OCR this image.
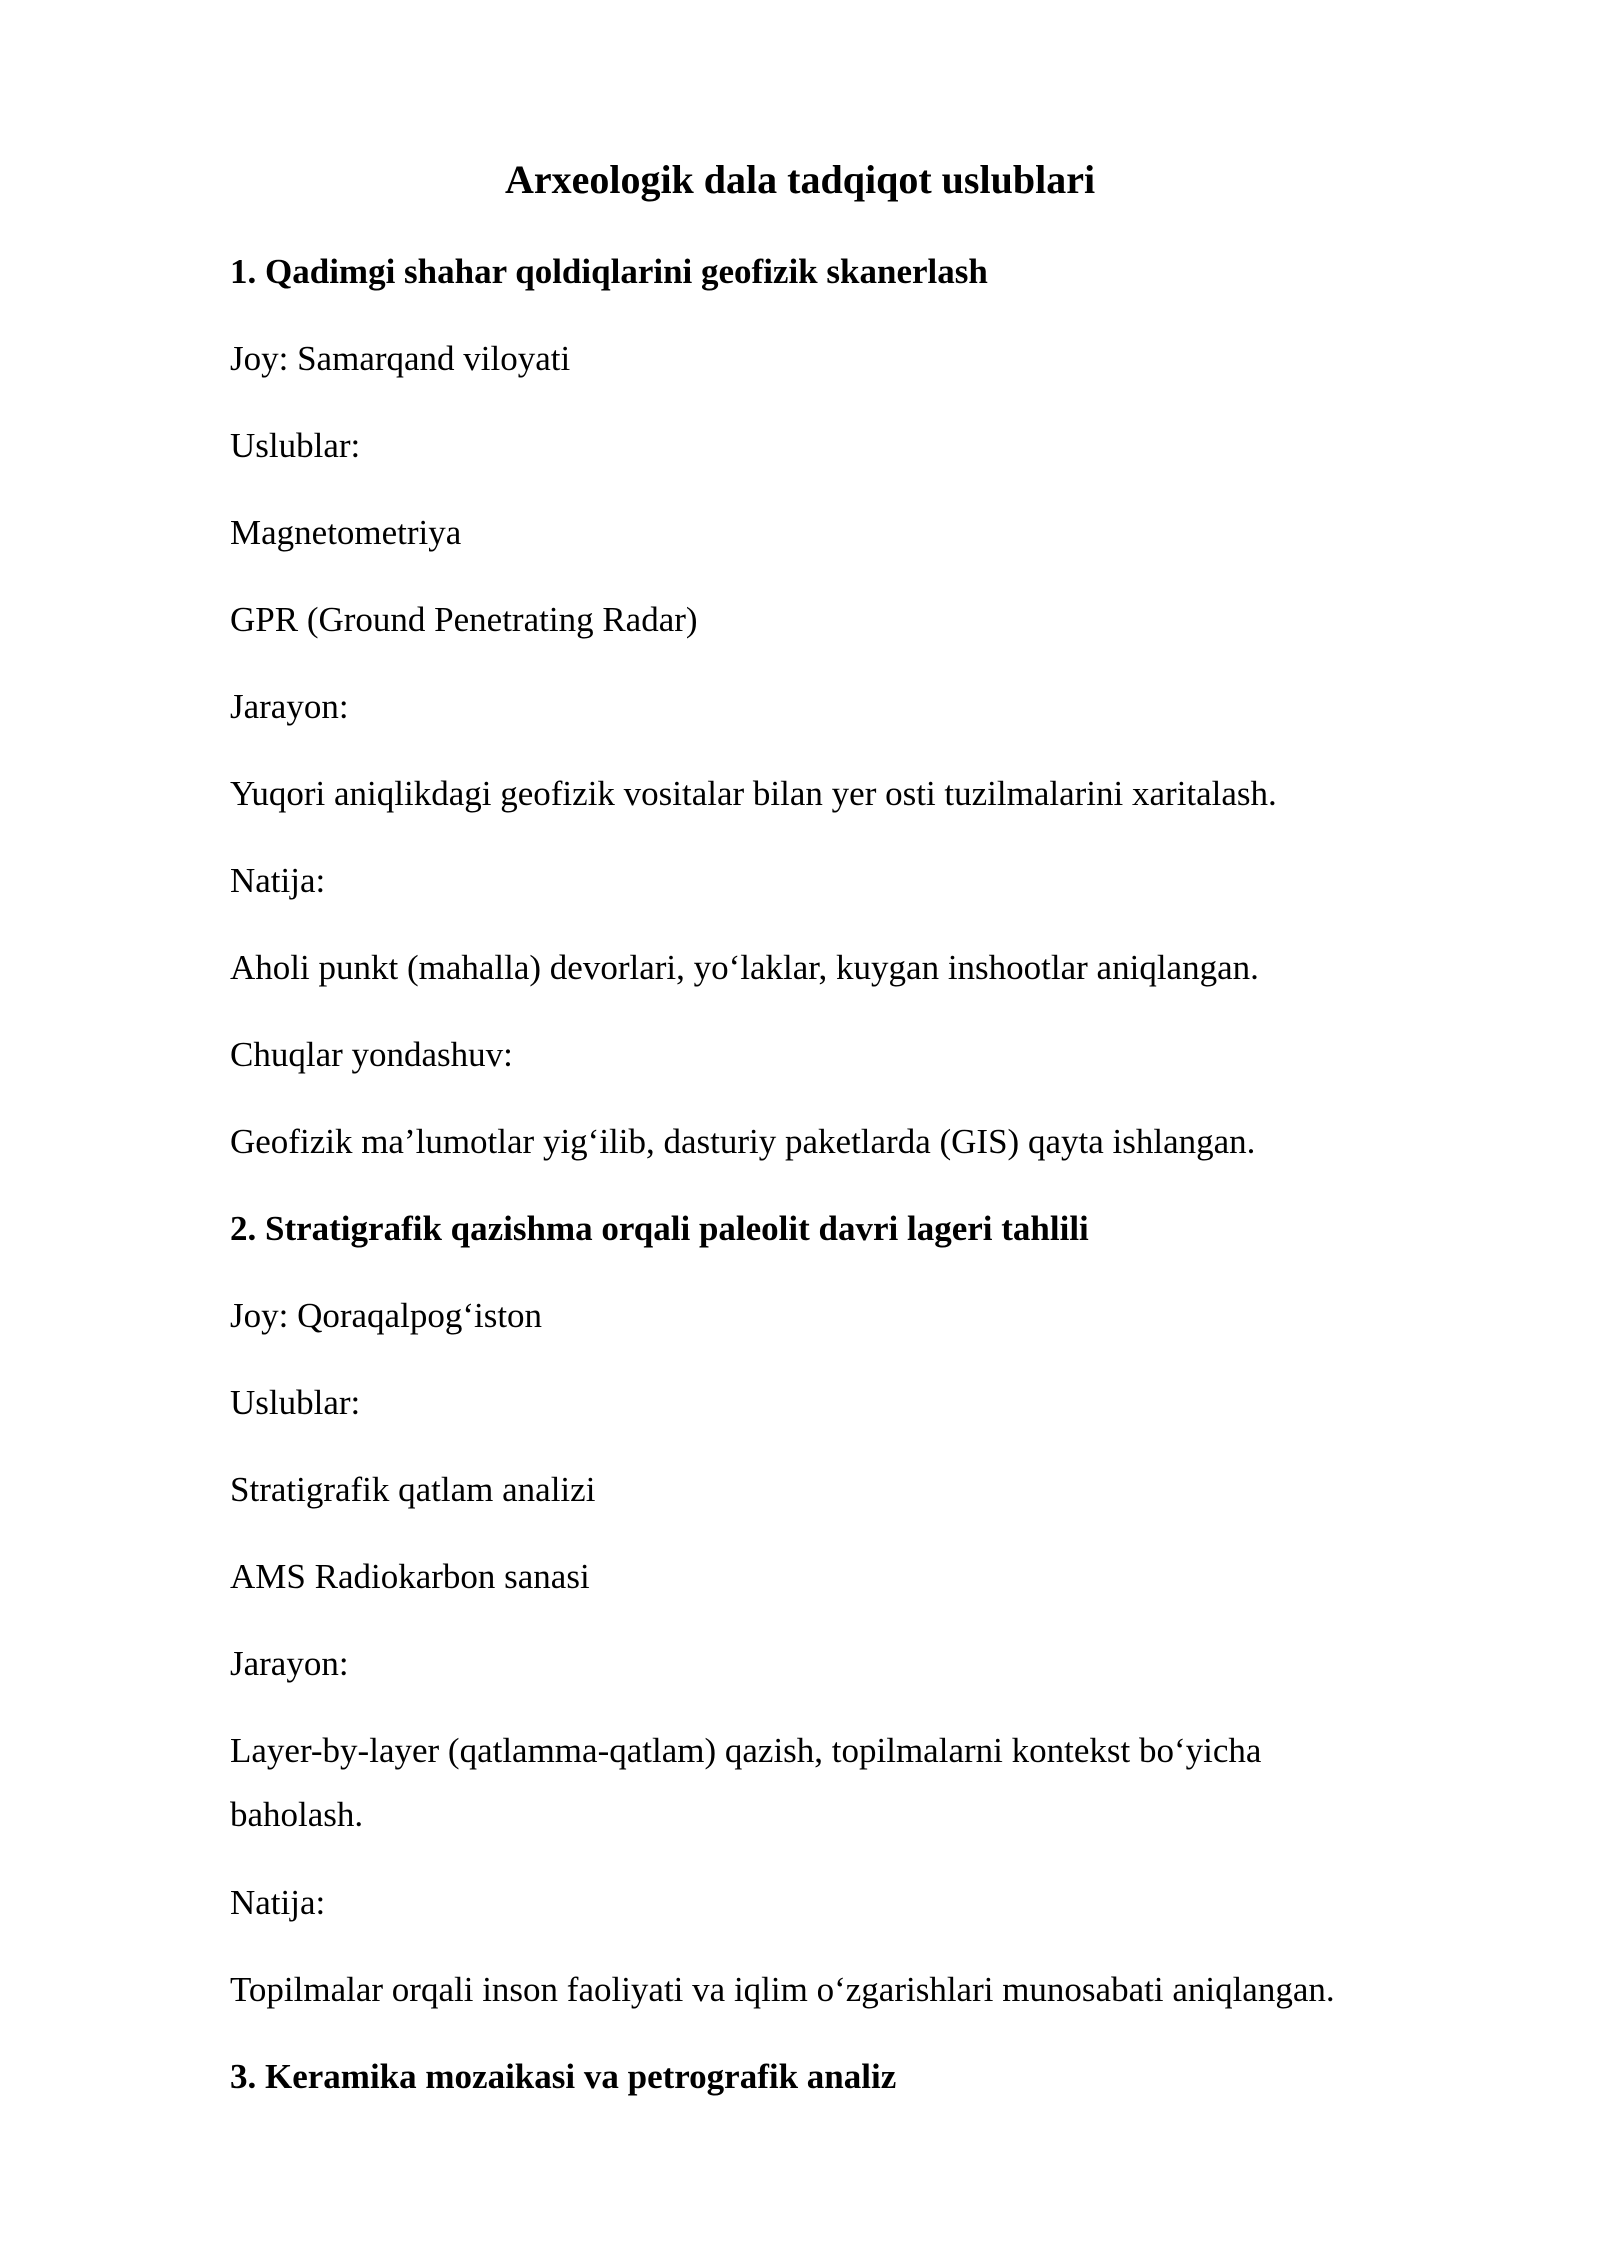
Arxeologik dala tadqiqot uslublari

1. Qadimgi shahar qoldiqlarini geofizik skanerlash

Joy: Samarqand viloyati

Uslublar:

Magnetometriya

GPR (Ground Penetrating Radar)

Jarayon:

Yuqori aniqlikdagi geofizik vositalar bilan yer osti tuzilmalarini xaritalash.

Natija:

Aholi punkt (mahalla) devorlari, yo‘laklar, kuygan inshootlar aniqlangan.

Chuqlar yondashuv:

Geofizik ma’lumotlar yig‘ilib, dasturiy paketlarda (GIS) qayta ishlangan.

2. Stratigrafik qazishma orqali paleolit davri lageri tahlili

Joy: Qoraqalpog‘iston

Uslublar:

Stratigrafik qatlam analizi

AMS Radiokarbon sanasi

Jarayon:

Layer-by-layer (qatlamma-qatlam) qazish, topilmalarni kontekst bo‘yicha baholash.

Natija:

Topilmalar orqali inson faoliyati va iqlim o‘zgarishlari munosabati aniqlangan.

3. Keramika mozaikasi va petrografik analiz
